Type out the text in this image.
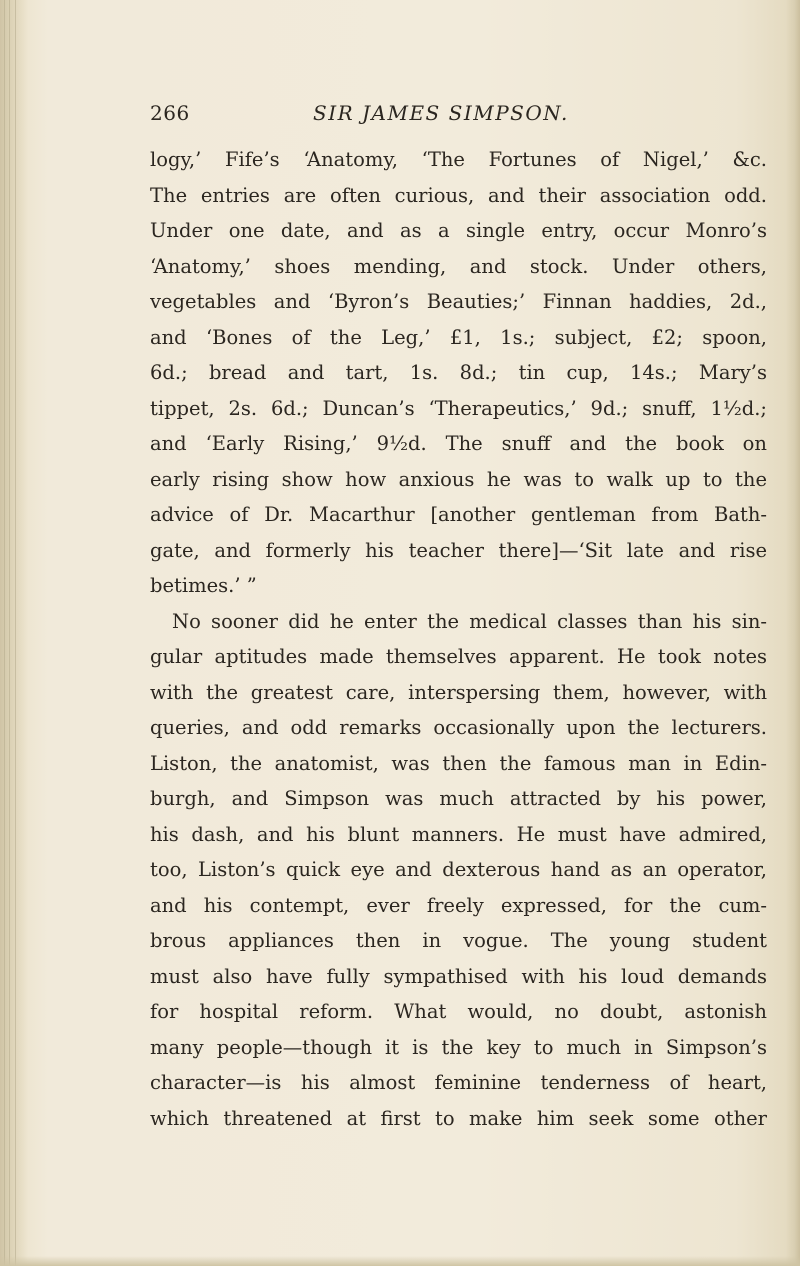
266	SIR JAMES SIMPSON.
logy,’ Fife’s ‘Anatomy, ‘The Fortunes of Nigel,’ &c.
The entries are often curious, and their association odd.
Under one date, and as a single entry, occur Monro’s
‘Anatomy,’ shoes mending, and stock. Under others,
vegetables and ‘Byron’s Beauties;’ Finnan haddies, 2d.,
and ‘Bones of the Leg,’ £1, 1s.; subject, £2; spoon,
6d.; bread and tart, 1s. 8d.; tin cup, 14s.; Mary’s
tippet, 2s. 6d.; Duncan’s ‘Therapeutics,’ 9d.; snuff, 1½d.;
and ‘Early Rising,’ 9½d. The snuff and the book on
early rising show how anxious he was to walk up to the
advice of Dr. Macarthur [another gentleman from Bath-
gate, and formerly his teacher there]—‘Sit late and rise
betimes.’ ”
No sooner did he enter the medical classes than his sin-
gular aptitudes made themselves apparent. He took notes
with the greatest care, interspersing them, however, with
queries, and odd remarks occasionally upon the lecturers.
Liston, the anatomist, was then the famous man in Edin-
burgh, and Simpson was much attracted by his power,
his dash, and his blunt manners. He must have admired,
too, Liston’s quick eye and dexterous hand as an operator,
and his contempt, ever freely expressed, for the cum-
brous appliances then in vogue. The young student
must also have fully sympathised with his loud demands
for hospital reform. What would, no doubt, astonish
many people—though it is the key to much in Simpson’s
character—is his almost feminine tenderness of heart,
which threatened at first to make him seek some other
